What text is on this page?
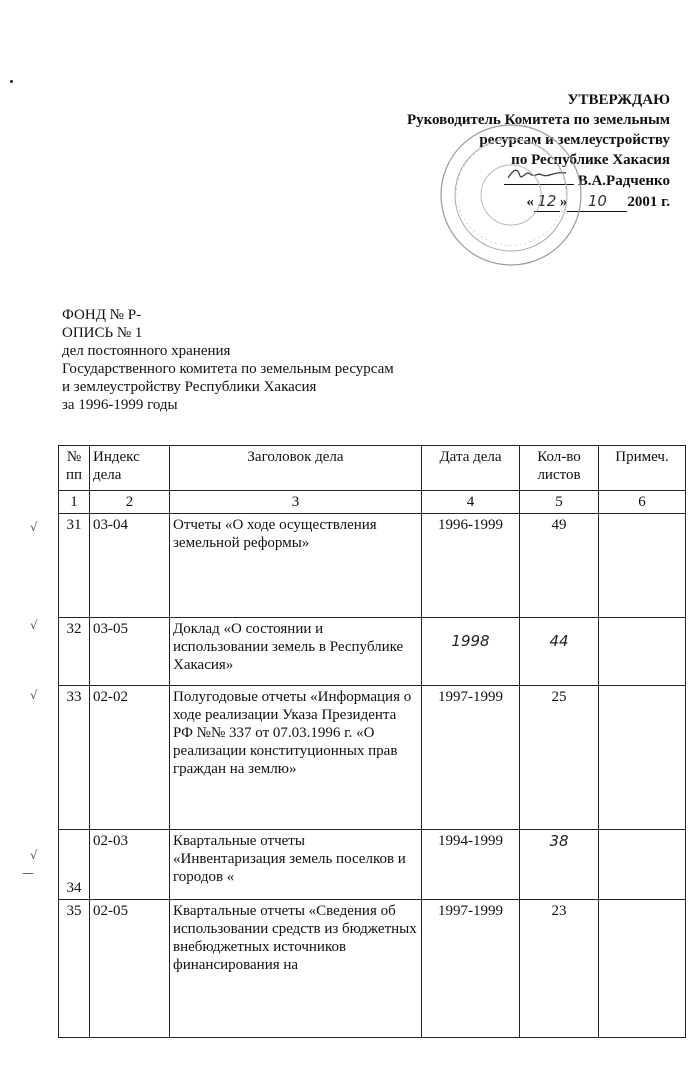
УТВЕРЖДАЮ
Руководитель Комитета по земельным
ресурсам и землеустройству
по Республике Хакасия
В.А.Радченко
« 12 » 10 2001 г.
ФОНД № Р-
ОПИСЬ № 1
дел постоянного хранения
Государственного комитета по земельным ресурсам
и землеустройству Республики Хакасия
за 1996-1999 годы
√
√
√
√
—
№ пп	Индекс дела	Заголовок дела	Дата дела	Кол-во листов	Примеч.
1	2	3	4	5	6
31	03-04	Отчеты «О ходе осуществления земельной реформы»	1996-1999	49	
32	03-05	Доклад «О состоянии и использовании земель в Республике Хакасия»	1998	44	
33	02-02	Полугодовые отчеты «Информация о ходе реализации Указа Президента РФ №№ 337 от 07.03.1996 г. «О реализации конституционных прав граждан на землю»	1997-1999	25	
34	02-03	Квартальные отчеты «Инвентаризация земель поселков и городов «	1994-1999	38	
35	02-05	Квартальные отчеты «Сведения об использовании средств из бюджетных внебюджетных источников финансирования на	1997-1999	23	
